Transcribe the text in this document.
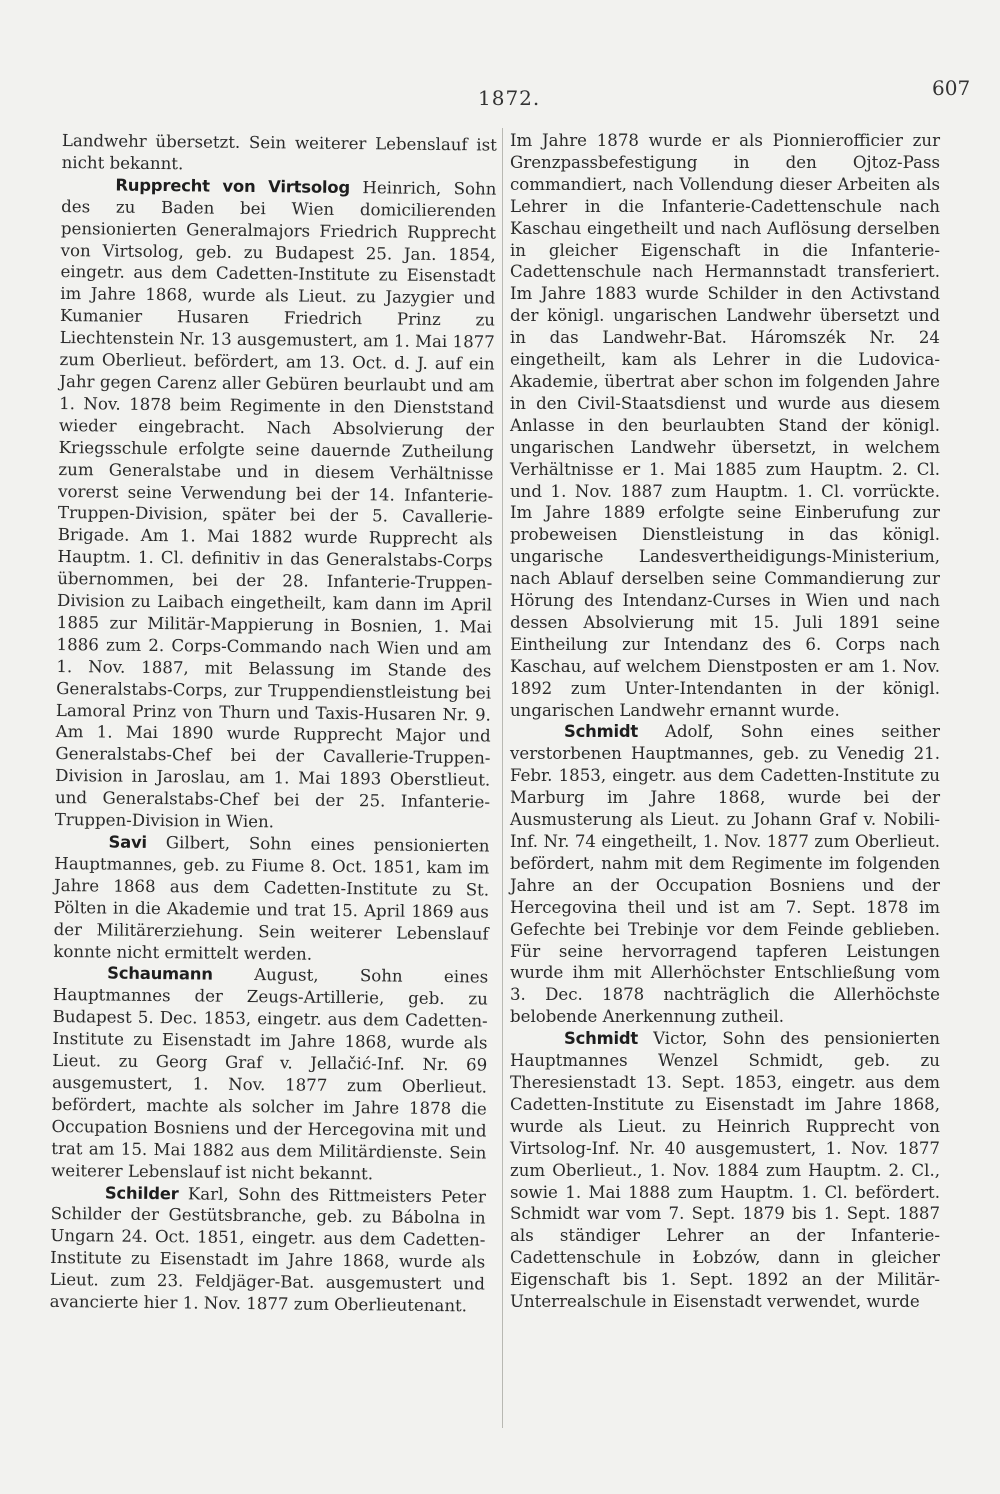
1872.	607

Landwehr übersetzt. Sein weiterer Lebenslauf ist nicht bekannt.

Rupprecht von Virtsolog Heinrich, Sohn des zu Baden bei Wien domicilierenden pensionierten Generalmajors Friedrich Rupprecht von Virtsolog, geb. zu Budapest 25. Jan. 1854, eingetr. aus dem Cadetten-Institute zu Eisenstadt im Jahre 1868, wurde als Lieut. zu Jazygier und Kumanier Husaren Friedrich Prinz zu Liechtenstein Nr. 13 ausgemustert, am 1. Mai 1877 zum Oberlieut. befördert, am 13. Oct. d. J. auf ein Jahr gegen Carenz aller Gebüren beurlaubt und am 1. Nov. 1878 beim Regimente in den Dienststand wieder eingebracht. Nach Absolvierung der Kriegsschule erfolgte seine dauernde Zutheilung zum Generalstabe und in diesem Verhältnisse vorerst seine Verwendung bei der 14. Infanterie-Truppen-Division, später bei der 5. Cavallerie-Brigade. Am 1. Mai 1882 wurde Rupprecht als Hauptm. 1. Cl. definitiv in das Generalstabs-Corps übernommen, bei der 28. Infanterie-Truppen-Division zu Laibach eingetheilt, kam dann im April 1885 zur Militär-Mappierung in Bosnien, 1. Mai 1886 zum 2. Corps-Commando nach Wien und am 1. Nov. 1887, mit Belassung im Stande des Generalstabs-Corps, zur Truppendienstleistung bei Lamoral Prinz von Thurn und Taxis-Husaren Nr. 9. Am 1. Mai 1890 wurde Rupprecht Major und Generalstabs-Chef bei der Cavallerie-Truppen-Division in Jaroslau, am 1. Mai 1893 Oberstlieut. und Generalstabs-Chef bei der 25. Infanterie-Truppen-Division in Wien.

Savi Gilbert, Sohn eines pensionierten Hauptmannes, geb. zu Fiume 8. Oct. 1851, kam im Jahre 1868 aus dem Cadetten-Institute zu St. Pölten in die Akademie und trat 15. April 1869 aus der Militärerziehung. Sein weiterer Lebenslauf konnte nicht ermittelt werden.

Schaumann August, Sohn eines Hauptmannes der Zeugs-Artillerie, geb. zu Budapest 5. Dec. 1853, eingetr. aus dem Cadetten-Institute zu Eisenstadt im Jahre 1868, wurde als Lieut. zu Georg Graf v. Jellačić-Inf. Nr. 69 ausgemustert, 1. Nov. 1877 zum Oberlieut. befördert, machte als solcher im Jahre 1878 die Occupation Bosniens und der Hercegovina mit und trat am 15. Mai 1882 aus dem Militärdienste. Sein weiterer Lebenslauf ist nicht bekannt.

Schilder Karl, Sohn des Rittmeisters Peter Schilder der Gestütsbranche, geb. zu Bábolna in Ungarn 24. Oct. 1851, eingetr. aus dem Cadetten-Institute zu Eisenstadt im Jahre 1868, wurde als Lieut. zum 23. Feldjäger-Bat. ausgemustert und avancierte hier 1. Nov. 1877 zum Oberlieutenant.

Im Jahre 1878 wurde er als Pionnierofficier zur Grenzpassbefestigung in den Ojtoz-Pass commandiert, nach Vollendung dieser Arbeiten als Lehrer in die Infanterie-Cadettenschule nach Kaschau eingetheilt und nach Auflösung derselben in gleicher Eigenschaft in die Infanterie-Cadettenschule nach Hermannstadt transferiert. Im Jahre 1883 wurde Schilder in den Activstand der königl. ungarischen Landwehr übersetzt und in das Landwehr-Bat. Háromszék Nr. 24 eingetheilt, kam als Lehrer in die Ludovica-Akademie, übertrat aber schon im folgenden Jahre in den Civil-Staatsdienst und wurde aus diesem Anlasse in den beurlaubten Stand der königl. ungarischen Landwehr übersetzt, in welchem Verhältnisse er 1. Mai 1885 zum Hauptm. 2. Cl. und 1. Nov. 1887 zum Hauptm. 1. Cl. vorrückte. Im Jahre 1889 erfolgte seine Einberufung zur probeweisen Dienstleistung in das königl. ungarische Landesvertheidigungs-Ministerium, nach Ablauf derselben seine Commandierung zur Hörung des Intendanz-Curses in Wien und nach dessen Absolvierung mit 15. Juli 1891 seine Eintheilung zur Intendanz des 6. Corps nach Kaschau, auf welchem Dienstposten er am 1. Nov. 1892 zum Unter-Intendanten in der königl. ungarischen Landwehr ernannt wurde.

Schmidt Adolf, Sohn eines seither verstorbenen Hauptmannes, geb. zu Venedig 21. Febr. 1853, eingetr. aus dem Cadetten-Institute zu Marburg im Jahre 1868, wurde bei der Ausmusterung als Lieut. zu Johann Graf v. Nobili-Inf. Nr. 74 eingetheilt, 1. Nov. 1877 zum Oberlieut. befördert, nahm mit dem Regimente im folgenden Jahre an der Occupation Bosniens und der Hercegovina theil und ist am 7. Sept. 1878 im Gefechte bei Trebinje vor dem Feinde geblieben. Für seine hervorragend tapferen Leistungen wurde ihm mit Allerhöchster Entschließung vom 3. Dec. 1878 nachträglich die Allerhöchste belobende Anerkennung zutheil.

Schmidt Victor, Sohn des pensionierten Hauptmannes Wenzel Schmidt, geb. zu Theresienstadt 13. Sept. 1853, eingetr. aus dem Cadetten-Institute zu Eisenstadt im Jahre 1868, wurde als Lieut. zu Heinrich Rupprecht von Virtsolog-Inf. Nr. 40 ausgemustert, 1. Nov. 1877 zum Oberlieut., 1. Nov. 1884 zum Hauptm. 2. Cl., sowie 1. Mai 1888 zum Hauptm. 1. Cl. befördert. Schmidt war vom 7. Sept. 1879 bis 1. Sept. 1887 als ständiger Lehrer an der Infanterie-Cadettenschule in Łobzów, dann in gleicher Eigenschaft bis 1. Sept. 1892 an der Militär-Unterrealschule in Eisenstadt verwendet, wurde
